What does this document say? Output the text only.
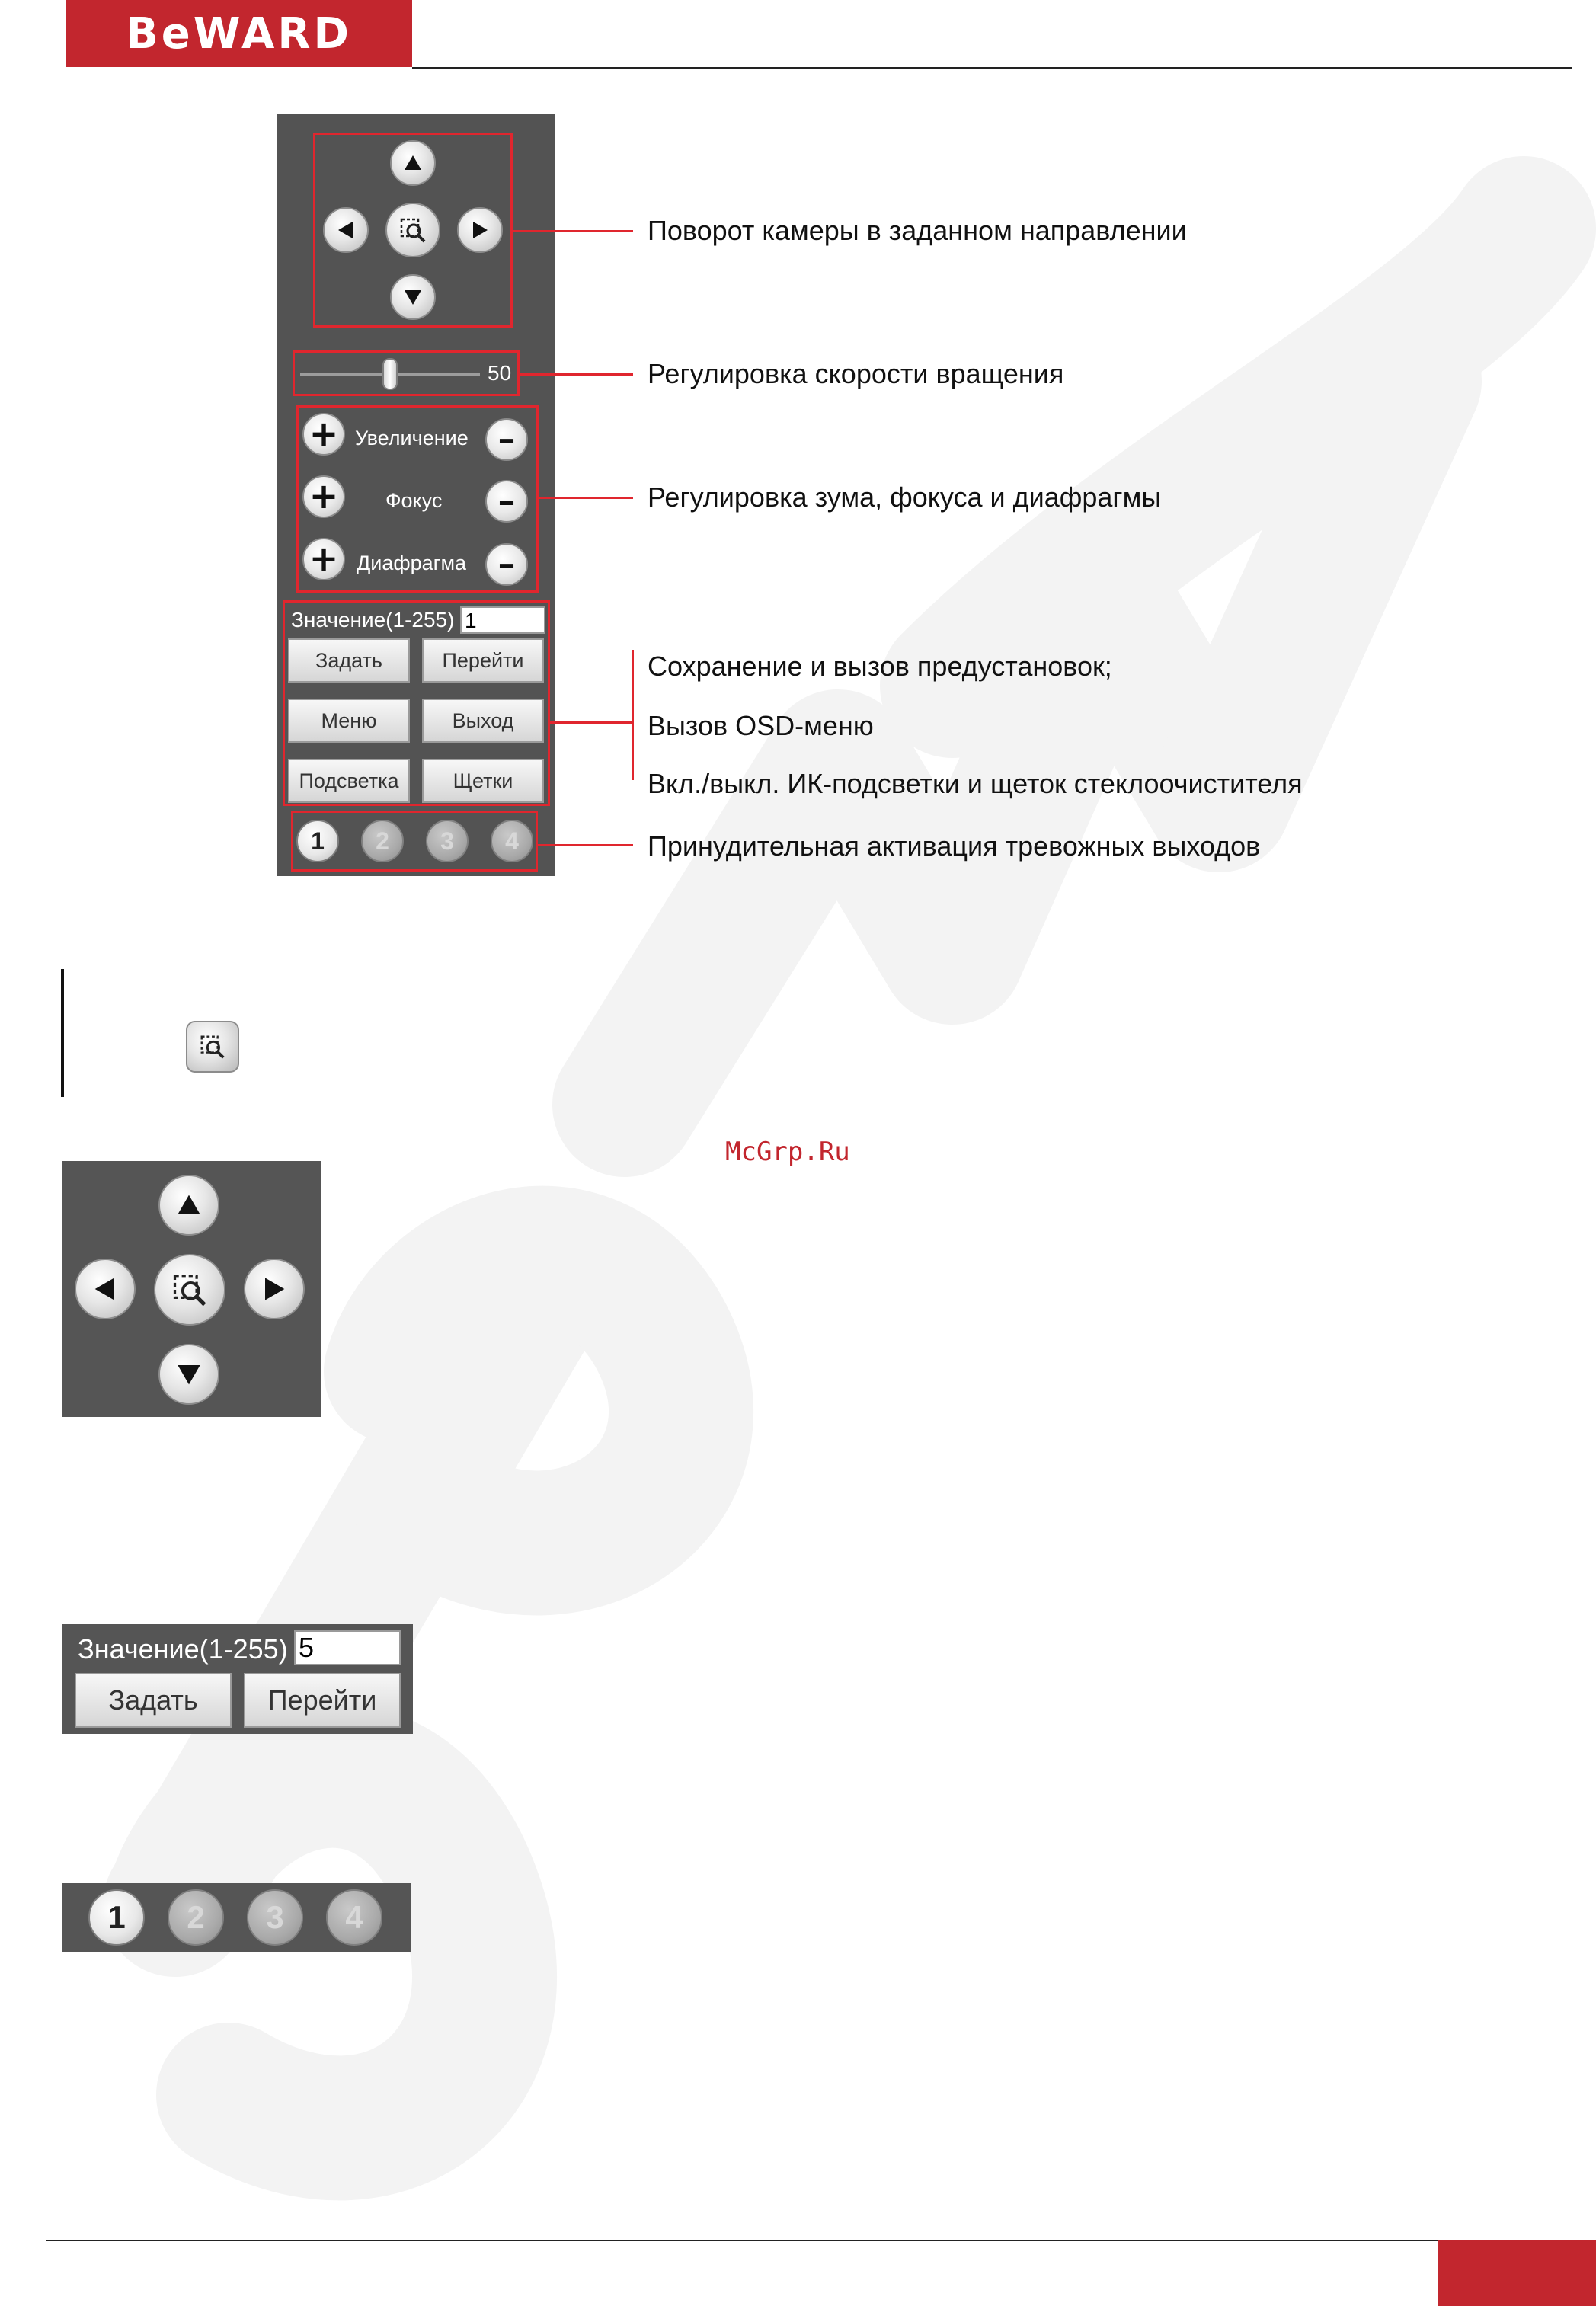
BeWARD
50
+ Увеличение –
+	Фокус	–
+ Диафрагма –
Значение(1-255) 1
Задать	Перейти
Меню	Выход
Подсветка	Щетки
1	2	3	4
Поворот камеры в заданном направлении
Регулировка скорости вращения
Регулировка зума, фокуса и диафрагмы
Сохранение и вызов предустановок;
Вызов OSD-меню
Вкл./выкл. ИК-подсветки и щеток стеклоочистителя
Принудительная активация тревожных выходов
McGrp.Ru
Значение(1-255) 5
Задать	Перейти
1	2	3	4
